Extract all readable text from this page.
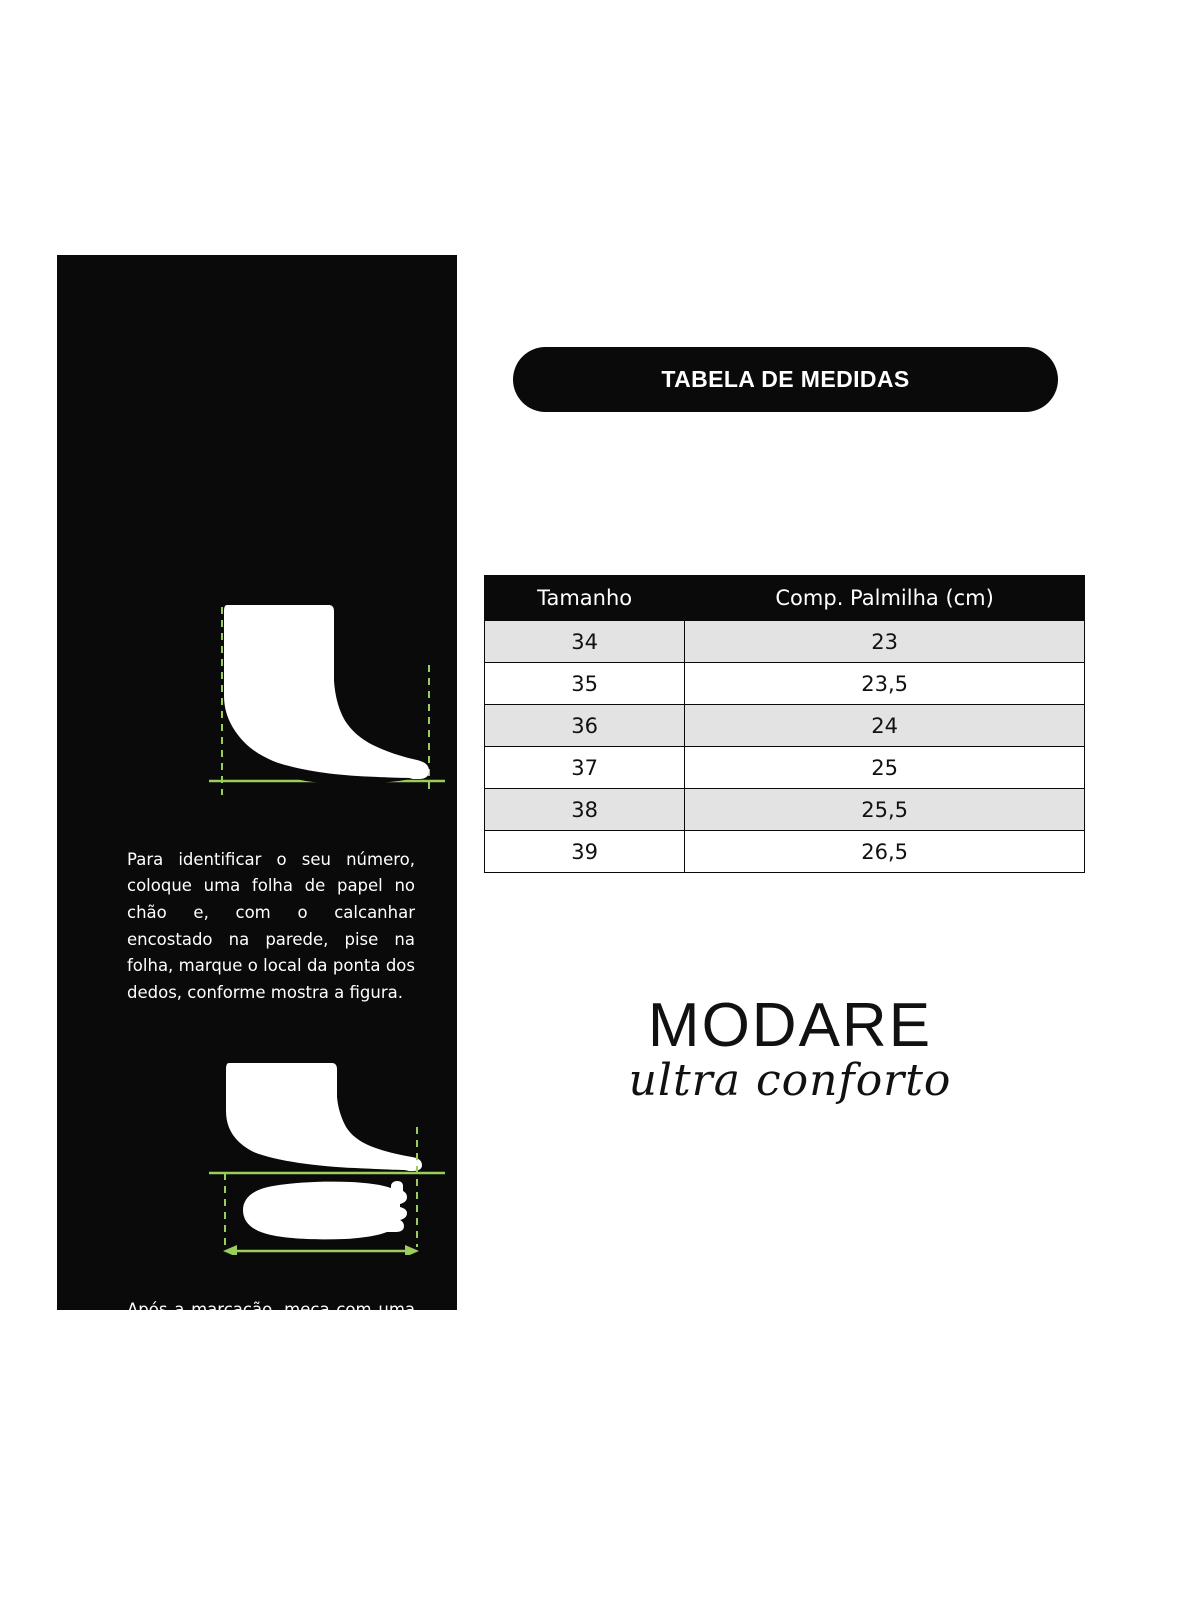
Para identificar o seu número, coloque uma folha de papel no chão e, com o calcanhar encostado na parede, pise na folha, marque o local da ponta dos dedos, conforme mostra a figura.

Após a marcação, meça com uma régua, obtendo em centímetros o tamanho do seu pé. Para um tênis de corrida, recomenda-se uma folga de 1cm para evitar lesão na ponta dos dedos.

TABELA DE MEDIDAS
Tamanho	Comp. Palmilha (cm)
34	23
35	23,5
36	24
37	25
38	25,5
39	26,5
MODARE
ultra conforto
